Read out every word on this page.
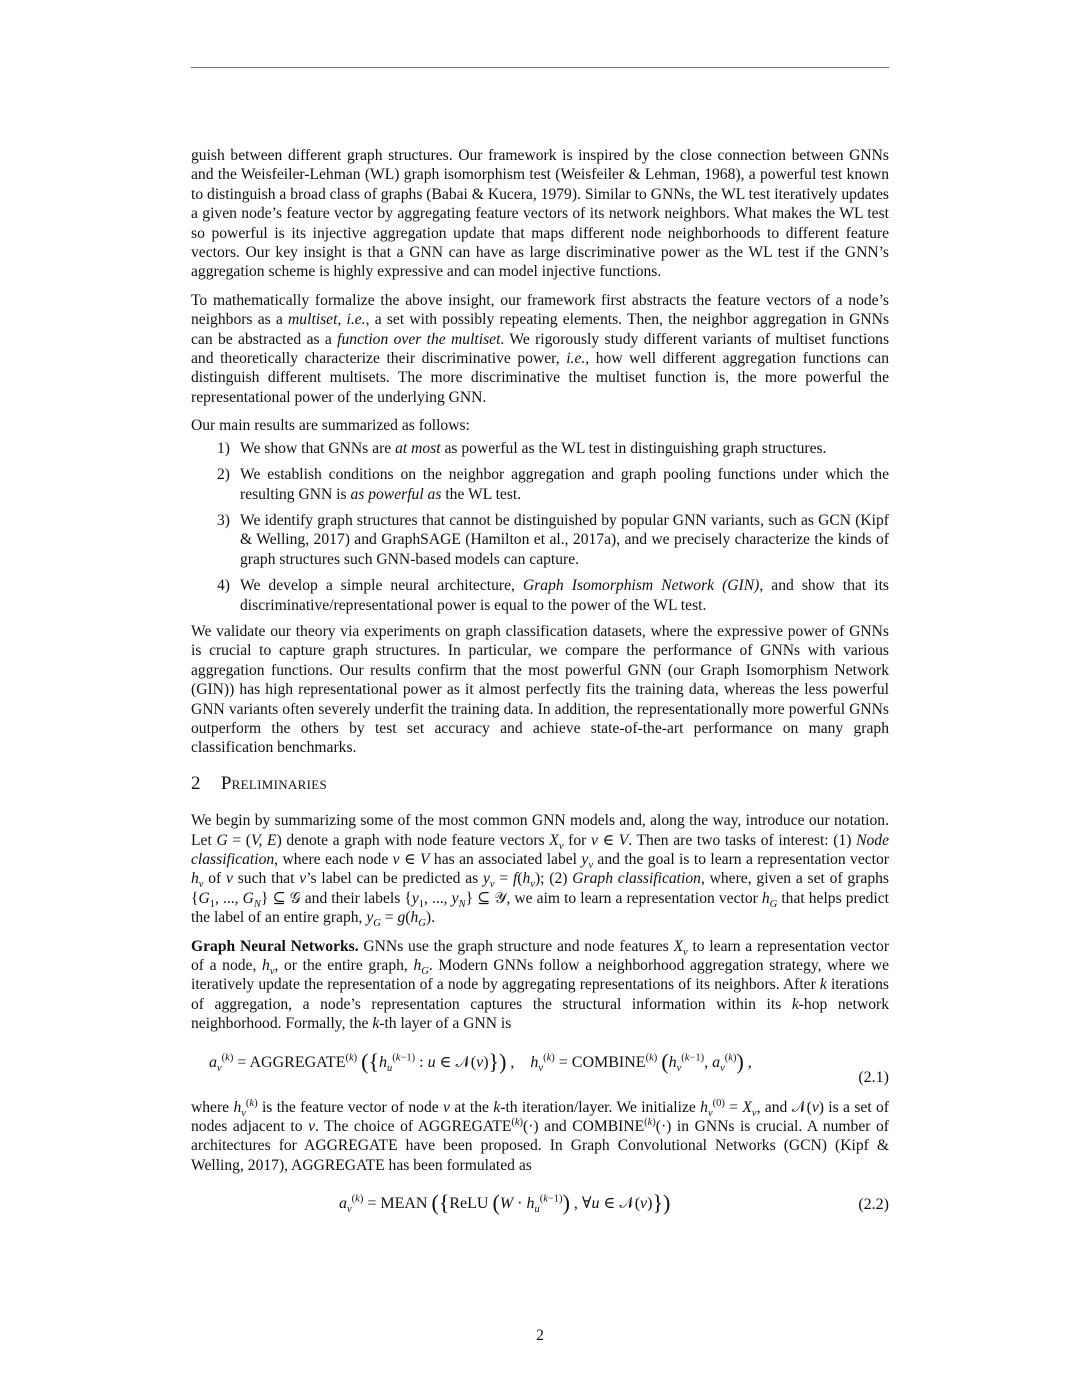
guish between different graph structures. Our framework is inspired by the close connection between GNNs and the Weisfeiler-Lehman (WL) graph isomorphism test (Weisfeiler & Lehman, 1968), a powerful test known to distinguish a broad class of graphs (Babai & Kucera, 1979). Similar to GNNs, the WL test iteratively updates a given node’s feature vector by aggregating feature vectors of its network neighbors. What makes the WL test so powerful is its injective aggregation update that maps different node neighborhoods to different feature vectors. Our key insight is that a GNN can have as large discriminative power as the WL test if the GNN’s aggregation scheme is highly expressive and can model injective functions.

To mathematically formalize the above insight, our framework first abstracts the feature vectors of a node’s neighbors as a multiset, i.e., a set with possibly repeating elements. Then, the neighbor aggregation in GNNs can be abstracted as a function over the multiset. We rigorously study different variants of multiset functions and theoretically characterize their discriminative power, i.e., how well different aggregation functions can distinguish different multisets. The more discriminative the multiset function is, the more powerful the representational power of the underlying GNN.

Our main results are summarized as follows:

1) We show that GNNs are at most as powerful as the WL test in distinguishing graph structures.
2) We establish conditions on the neighbor aggregation and graph pooling functions under which the resulting GNN is as powerful as the WL test.
3) We identify graph structures that cannot be distinguished by popular GNN variants, such as GCN (Kipf & Welling, 2017) and GraphSAGE (Hamilton et al., 2017a), and we precisely characterize the kinds of graph structures such GNN-based models can capture.
4) We develop a simple neural architecture, Graph Isomorphism Network (GIN), and show that its discriminative/representational power is equal to the power of the WL test.

We validate our theory via experiments on graph classification datasets, where the expressive power of GNNs is crucial to capture graph structures. In particular, we compare the performance of GNNs with various aggregation functions. Our results confirm that the most powerful GNN (our Graph Isomorphism Network (GIN)) has high representational power as it almost perfectly fits the training data, whereas the less powerful GNN variants often severely underfit the training data. In addition, the representationally more powerful GNNs outperform the others by test set accuracy and achieve state-of-the-art performance on many graph classification benchmarks.

2 Preliminaries

We begin by summarizing some of the most common GNN models and, along the way, introduce our notation. Let G = (V, E) denote a graph with node feature vectors $X_v$ for v ∈ V. Then are two tasks of interest: (1) Node classification, where each node v ∈ V has an associated label $y_v$ and the goal is to learn a representation vector $h_v$ of v such that v’s label can be predicted as $y_v = f(h_v)$; (2) Graph classification, where, given a set of graphs {$G_1$, ..., $G_N$} ⊆ 𝒢 and their labels {$y_1$, ..., $y_N$} ⊆ 𝒴, we aim to learn a representation vector $h_G$ that helps predict the label of an entire graph, $y_G = g(h_G)$.

Graph Neural Networks. GNNs use the graph structure and node features $X_v$ to learn a representation vector of a node, $h_v$, or the entire graph, $h_G$. Modern GNNs follow a neighborhood aggregation strategy, where we iteratively update the representation of a node by aggregating representations of its neighbors. After k iterations of aggregation, a node’s representation captures the structural information within its k-hop network neighborhood. Formally, the k-th layer of a GNN is

$a_v^{(k)}$ = $AGGREGATE^{(k)}$ ({$h_u^{(k-1)}$ : u ∈ 𝒩(v)}) ,    $h_v^{(k)}$ = $COMBINE^{(k)}$ ($h_v^{(k-1)}$, $a_v^{(k)}$) ,
(2.1)

where $h_v^{(k)}$ is the feature vector of node v at the k-th iteration/layer. We initialize $h_v^{(0)} = X_v$, and 𝒩(v) is a set of nodes adjacent to v. The choice of $AGGREGATE^{(k)}(\cdot)$ and $COMBINE^{(k)}(\cdot)$ in GNNs is crucial. A number of architectures for AGGREGATE have been proposed. In Graph Convolutional Networks (GCN) (Kipf & Welling, 2017), AGGREGATE has been formulated as

$a_v^{(k)}$ = MEAN ({ReLU $(W \cdot h_u^{(k-1)})$ , ∀u ∈ 𝒩(v)})	(2.2)
2
